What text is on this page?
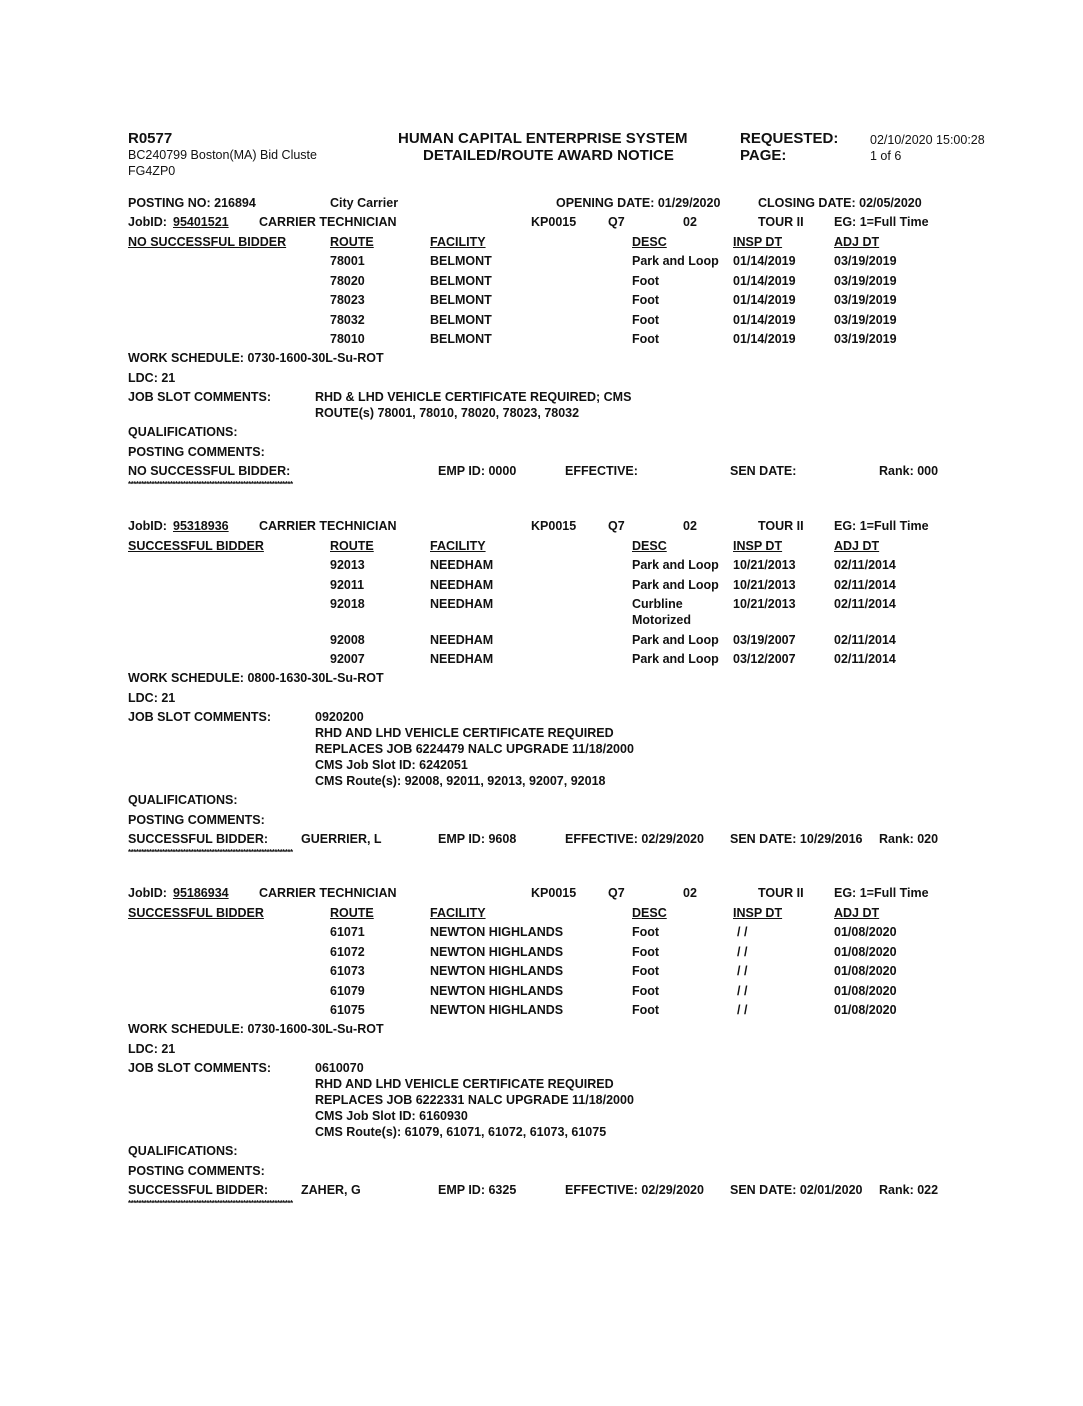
R0577
BC240799 Boston(MA) Bid Cluste
FG4ZP0
HUMAN CAPITAL ENTERPRISE SYSTEM
DETAILED/ROUTE AWARD NOTICE
REQUESTED:
PAGE:
02/10/2020 15:00:28
1 of 6
POSTING NO: 216894	City Carrier	OPENING DATE: 01/29/2020	CLOSING DATE: 02/05/2020
JobID: 95401521 CARRIER TECHNICIAN	KP0015	Q7	02	TOUR II EG: 1=Full Time
NO SUCCESSFUL BIDDER	ROUTE	FACILITY	DESC	INSP DT	ADJ DT
78001	BELMONT	Park and Loop 01/14/2019	03/19/2019
78020	BELMONT	Foot	01/14/2019	03/19/2019
78023	BELMONT	Foot	01/14/2019	03/19/2019
78032	BELMONT	Foot	01/14/2019	03/19/2019
78010	BELMONT	Foot	01/14/2019	03/19/2019
WORK SCHEDULE: 0730-1600-30L-Su-ROT
LDC: 21
JOB SLOT COMMENTS:	RHD & LHD VEHICLE CERTIFICATE REQUIRED; CMS
ROUTE(s) 78001, 78010, 78020, 78023, 78032
QUALIFICATIONS:
POSTING COMMENTS:
NO SUCCESSFUL BIDDER:	EMP ID: 0000	EFFECTIVE:	SEN DATE:	Rank: 000
***************************************************************
JobID: 95318936 CARRIER TECHNICIAN	KP0015	Q7	02	TOUR II EG: 1=Full Time
SUCCESSFUL BIDDER	ROUTE	FACILITY	DESC	INSP DT	ADJ DT
92013	NEEDHAM	Park and Loop 10/21/2013	02/11/2014
92011	NEEDHAM	Park and Loop 10/21/2013	02/11/2014
92018	NEEDHAM	Curbline
Motorized
10/21/2013	02/11/2014
92008	NEEDHAM	Park and Loop 03/19/2007	02/11/2014
92007	NEEDHAM	Park and Loop 03/12/2007	02/11/2014
WORK SCHEDULE: 0800-1630-30L-Su-ROT
LDC: 21
JOB SLOT COMMENTS:	0920200
RHD AND LHD VEHICLE CERTIFICATE REQUIRED
REPLACES JOB 6224479 NALC UPGRADE 11/18/2000
CMS Job Slot ID: 6242051
CMS Route(s): 92008, 92011, 92013, 92007, 92018
QUALIFICATIONS:
POSTING COMMENTS:
SUCCESSFUL BIDDER:	GUERRIER, L	EMP ID: 9608	EFFECTIVE: 02/29/2020 SEN DATE: 10/29/2016 Rank: 020
***************************************************************
JobID: 95186934 CARRIER TECHNICIAN	KP0015	Q7	02	TOUR II EG: 1=Full Time
SUCCESSFUL BIDDER	ROUTE	FACILITY	DESC	INSP DT	ADJ DT
61071	NEWTON HIGHLANDS	Foot	/ /	01/08/2020
61072	NEWTON HIGHLANDS	Foot	/ /	01/08/2020
61073	NEWTON HIGHLANDS	Foot	/ /	01/08/2020
61079	NEWTON HIGHLANDS	Foot	/ /	01/08/2020
61075	NEWTON HIGHLANDS	Foot	/ /	01/08/2020
WORK SCHEDULE: 0730-1600-30L-Su-ROT
LDC: 21
JOB SLOT COMMENTS:	0610070
RHD AND LHD VEHICLE CERTIFICATE REQUIRED
REPLACES JOB 6222331 NALC UPGRADE 11/18/2000
CMS Job Slot ID: 6160930
CMS Route(s): 61079, 61071, 61072, 61073, 61075
QUALIFICATIONS:
POSTING COMMENTS:
SUCCESSFUL BIDDER:	ZAHER, G	EMP ID: 6325	EFFECTIVE: 02/29/2020 SEN DATE: 02/01/2020 Rank: 022
***************************************************************
